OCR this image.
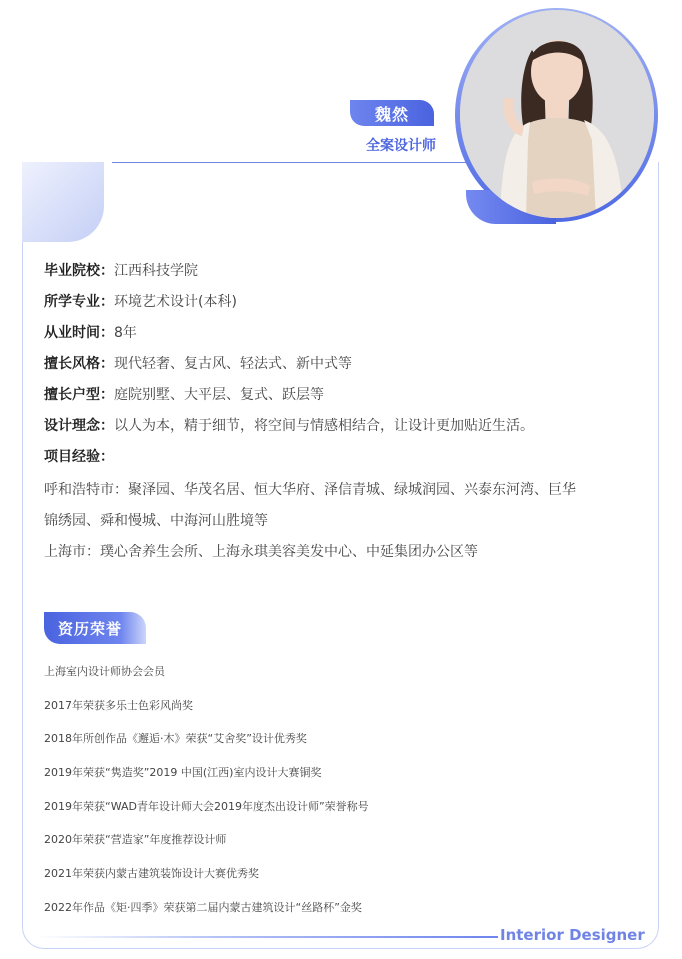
魏然
全案设计师
毕业院校：江西科技学院
所学专业：环境艺术设计(本科)
从业时间：8年
擅长风格：现代轻奢、复古风、轻法式、新中式等
擅长户型：庭院别墅、大平层、复式、跃层等
设计理念：以人为本，精于细节，将空间与情感相结合，让设计更加贴近生活。
项目经验：
呼和浩特市：聚泽园、华茂名居、恒大华府、泽信青城、绿城润园、兴泰东河湾、巨华
锦绣园、舜和慢城、中海河山胜境等
上海市：璞心舍养生会所、上海永琪美容美发中心、中延集团办公区等
资历荣誉
上海室内设计师协会会员
2017年荣获多乐士色彩风尚奖
2018年所创作品《邂逅·木》荣获“艾舍奖”设计优秀奖
2019年荣获“隽造奖”2019 中国(江西)室内设计大赛铜奖
2019年荣获“WAD青年设计师大会2019年度杰出设计师”荣誉称号
2020年荣获“营造家”年度推荐设计师
2021年荣获内蒙古建筑装饰设计大赛优秀奖
2022年作品《矩·四季》荣获第二届内蒙古建筑设计“丝路杯”金奖
Interior Designer
